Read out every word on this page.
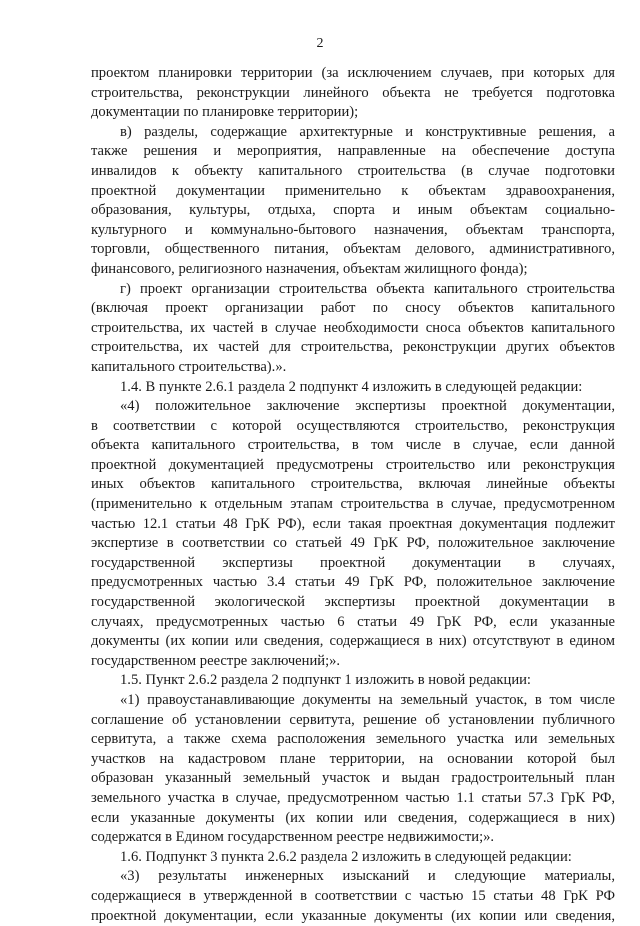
2
проектом планировки территории (за исключением случаев, при которых для
строительства, реконструкции линейного объекта не требуется подготовка
документации по планировке территории);
в) разделы, содержащие архитектурные и конструктивные решения, а
также решения и мероприятия, направленные на обеспечение доступа
инвалидов к объекту капитального строительства (в случае подготовки
проектной документации применительно к объектам здравоохранения,
образования, культуры, отдыха, спорта и иным объектам социально-
культурного и коммунально-бытового назначения, объектам транспорта,
торговли, общественного питания, объектам делового, административного,
финансового, религиозного назначения, объектам жилищного фонда);
г) проект организации строительства объекта капитального строительства
(включая проект организации работ по сносу объектов капитального
строительства, их частей в случае необходимости сноса объектов капитального
строительства, их частей для строительства, реконструкции других объектов
капитального строительства).».
1.4. В пункте 2.6.1 раздела 2 подпункт 4 изложить в следующей редакции:
«4) положительное заключение экспертизы проектной документации,
в соответствии с которой осуществляются строительство, реконструкция
объекта капитального строительства, в том числе в случае, если данной
проектной документацией предусмотрены строительство или реконструкция
иных объектов капитального строительства, включая линейные объекты
(применительно к отдельным этапам строительства в случае, предусмотренном
частью 12.1 статьи 48 ГрК РФ), если такая проектная документация подлежит
экспертизе в соответствии со статьей 49 ГрК РФ, положительное заключение
государственной экспертизы проектной документации в случаях,
предусмотренных частью 3.4 статьи 49 ГрК РФ, положительное заключение
государственной экологической экспертизы проектной документации в
случаях, предусмотренных частью 6 статьи 49 ГрК РФ, если указанные
документы (их копии или сведения, содержащиеся в них) отсутствуют в едином
государственном реестре заключений;».
1.5. Пункт 2.6.2 раздела 2 подпункт 1 изложить в новой редакции:
«1) правоустанавливающие документы на земельный участок, в том числе
соглашение об установлении сервитута, решение об установлении публичного
сервитута, а также схема расположения земельного участка или земельных
участков на кадастровом плане территории, на основании которой был
образован указанный земельный участок и выдан градостроительный план
земельного участка в случае, предусмотренном частью 1.1 статьи 57.3 ГрК РФ,
если указанные документы (их копии или сведения, содержащиеся в них)
содержатся в Едином государственном реестре недвижимости;».
1.6. Подпункт 3 пункта 2.6.2 раздела 2 изложить в следующей редакции:
«3) результаты инженерных изысканий и следующие материалы,
содержащиеся в утвержденной в соответствии с частью 15 статьи 48 ГрК РФ
проектной документации, если указанные документы (их копии или сведения,
